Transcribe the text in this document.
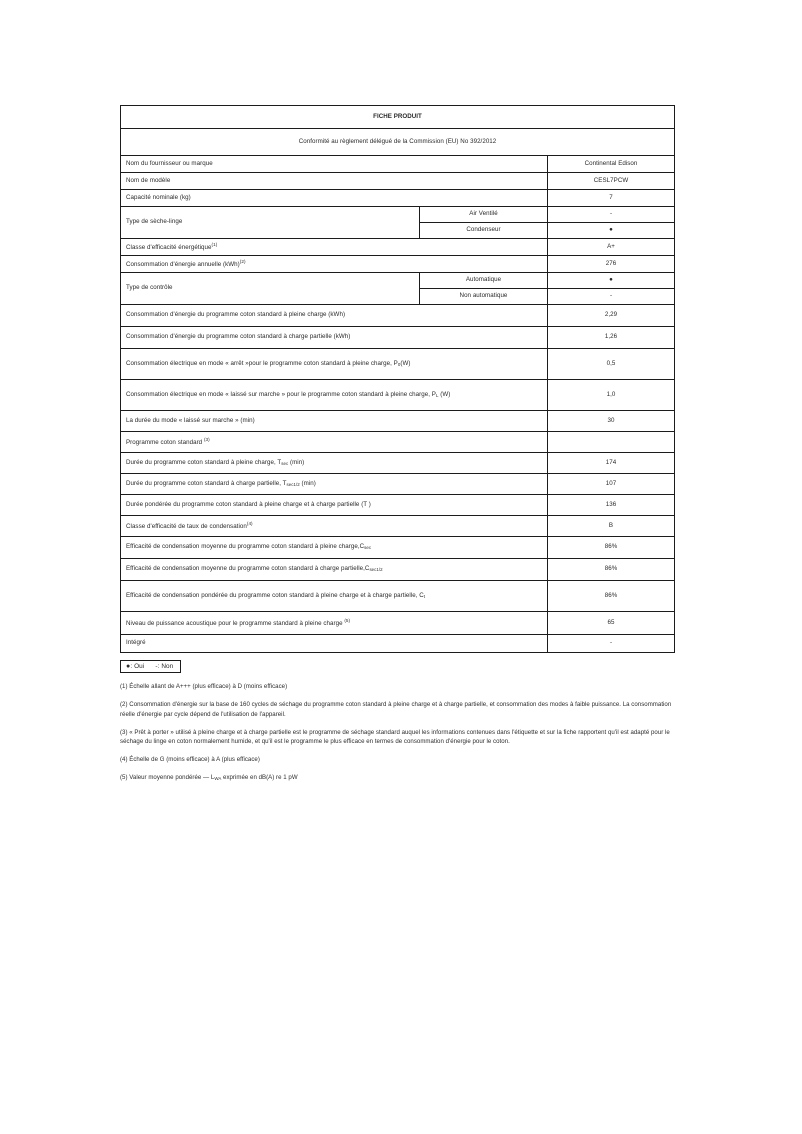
FICHE PRODUIT		
Conformité au règlement délégué de la Commission (EU) No 392/2012		
Nom du fournisseur ou marque		Continental Edison
Nom de modèle		CESL7PCW
Capacité nominale (kg)		7
Type de sèche-linge	Air Ventilé	-
	Condenseur	●
Classe d'efficacité énergétique$^{(1)}$		A+
Consommation d'énergie annuelle (kWh)$^{(2)}$		276
Type de contrôle	Automatique	●
	Non automatique	-
Consommation d'énergie du programme coton standard à pleine charge (kWh)		2,29
Consommation d'énergie du programme coton standard à charge partielle (kWh)		1,26
Consommation électrique en mode « arrêt »pour le programme coton standard à pleine charge, $P_0(W)$		0,5
Consommation électrique en mode « laissé sur marche » pour le programme coton standard à pleine charge, $P_L$ (W)		1,0
La durée du mode « laissé sur marche » (min)		30
Programme coton standard $^{(3)}$	
Durée du programme coton standard à pleine charge, $T_{sec}$ (min)		174
Durée du programme coton standard à charge partielle, $T_{sec1/2}$ (min)		107
Durée pondérée du programme coton standard à pleine charge et à charge partielle (T )		136
Classe d'efficacité de taux de condensation$^{(4)}$		B
Efficacité de condensation moyenne du programme coton standard à pleine $charge,C_{sec}$		86%
Efficacité de condensation moyenne du programme coton standard à charge $partielle,C_{sec1/2}$		86%
Efficacité de condensation pondérée du programme coton standard à pleine charge et à charge partielle, $C_t$		86%
Niveau de puissance acoustique pour le programme standard à pleine charge $^{(5)}$		65
Intégré		-
●: Oui -: Non
(1) Échelle allant de A+++ (plus efficace) à D (moins efficace)
(2) Consommation d'énergie sur la base de 160 cycles de séchage du programme coton standard à pleine charge et à charge partielle, et consommation des modes à faible puissance. La consommation réelle d'énergie par cycle dépend de l'utilisation de l'appareil.
(3) « Prêt à porter » utilisé à pleine charge et à charge partielle est le programme de séchage standard auquel les informations contenues dans l'étiquette et sur la fiche rapportent qu'il est adapté pour le séchage du linge en coton normalement humide, et qu'il est le programme le plus efficace en termes de consommation d'énergie pour le coton.
(4) Échelle de G (moins efficace) à A (plus efficace)
(5) Valeur moyenne pondérée — $L_{WA}$ exprimée en dB(A) re 1 pW
